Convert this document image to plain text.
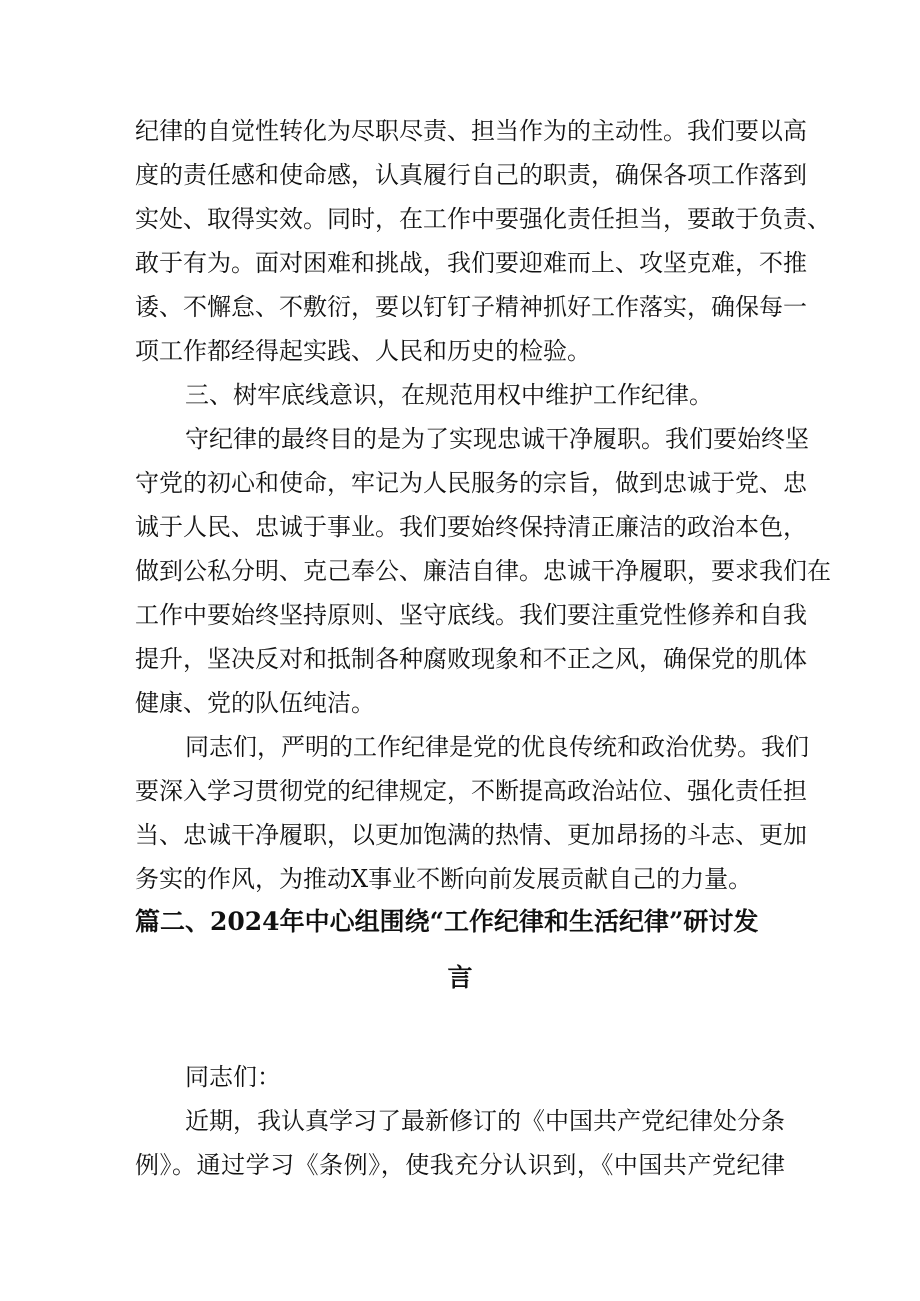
纪律的自觉性转化为尽职尽责、担当作为的主动性。我们要以高
度的责任感和使命感，认真履行自己的职责，确保各项工作落到
实处、取得实效。同时，在工作中要强化责任担当，要敢于负责、
敢于有为。面对困难和挑战，我们要迎难而上、攻坚克难，不推
诿、不懈怠、不敷衍，要以钉钉子精神抓好工作落实，确保每一
项工作都经得起实践、人民和历史的检验。
三、树牢底线意识，在规范用权中维护工作纪律。
守纪律的最终目的是为了实现忠诚干净履职。我们要始终坚
守党的初心和使命，牢记为人民服务的宗旨，做到忠诚于党、忠
诚于人民、忠诚于事业。我们要始终保持清正廉洁的政治本色，
做到公私分明、克己奉公、廉洁自律。忠诚干净履职，要求我们在
工作中要始终坚持原则、坚守底线。我们要注重党性修养和自我
提升，坚决反对和抵制各种腐败现象和不正之风，确保党的肌体
健康、党的队伍纯洁。
同志们，严明的工作纪律是党的优良传统和政治优势。我们
要深入学习贯彻党的纪律规定，不断提高政治站位、强化责任担
当、忠诚干净履职，以更加饱满的热情、更加昂扬的斗志、更加
务实的作风，为推动X事业不断向前发展贡献自己的力量。
篇二、2024年中心组围绕“工作纪律和生活纪律”研讨发
言
同志们：
近期，我认真学习了最新修订的《中国共产党纪律处分条
例》。通过学习《条例》，使我充分认识到，《中国共产党纪律
